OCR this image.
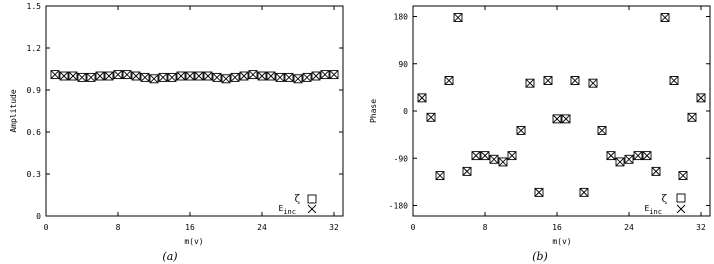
0
0.3
0.6
0.9
1.2
1.5
0	8	16	24	32
Amplitude
m(v)
(a)
ζ
Einc
180
90
0
-90
-180
0	8	16	24	32
Phase
m(v)
(b)
ζ
Einc
